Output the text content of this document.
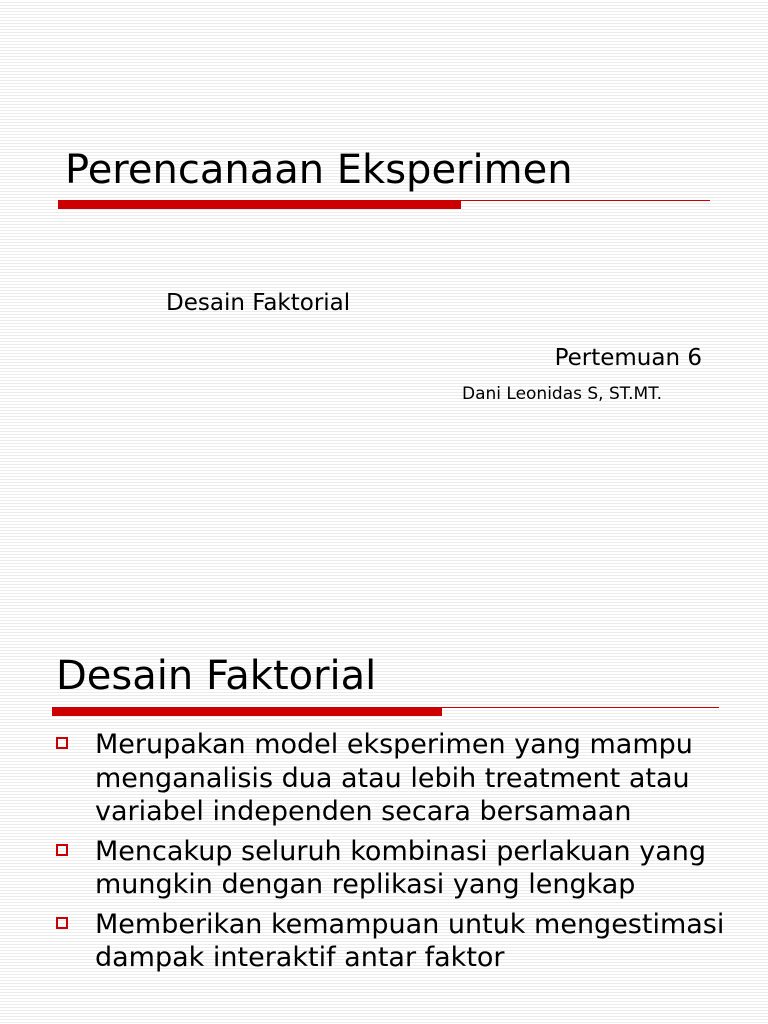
Perencanaan Eksperimen
Desain Faktorial
Pertemuan 6
Dani Leonidas S, ST.MT.
Desain Faktorial
Merupakan model eksperimen yang mampu menganalisis dua atau lebih treatment atau variabel independen secara bersamaan
Mencakup seluruh kombinasi perlakuan yang mungkin dengan replikasi yang lengkap
Memberikan kemampuan untuk mengestimasi dampak interaktif antar faktor
